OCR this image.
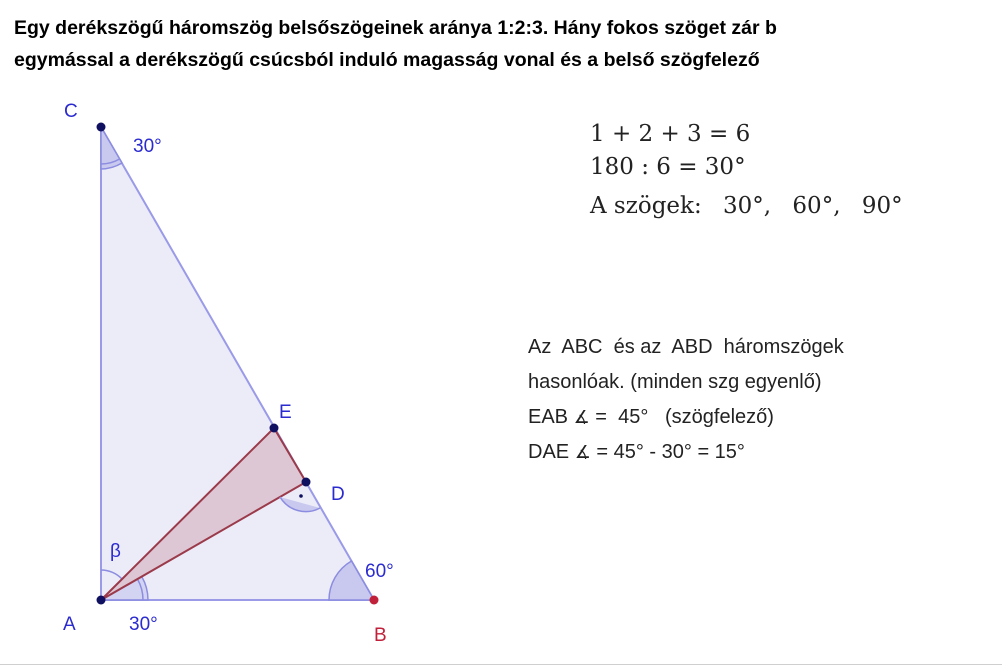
Egy derékszögű háromszög belsőszögeinek aránya 1:2:3. Hány fokos szöget zár b
egymással a derékszögű csúcsból induló magasság vonal és a belső szögfelező
C
30°
E
D
β
60°
A	30°
B
1 + 2 + 3 = 6
180 : 6 = 30°
A szögek: 30°, 60°, 90°
Az  ABC  és az  ABD  háromszögek
hasonlóak. (minden szg egyenlő)
EAB ∡ =  45°   (szögfelező)
DAE ∡ = 45° - 30° = 15°
